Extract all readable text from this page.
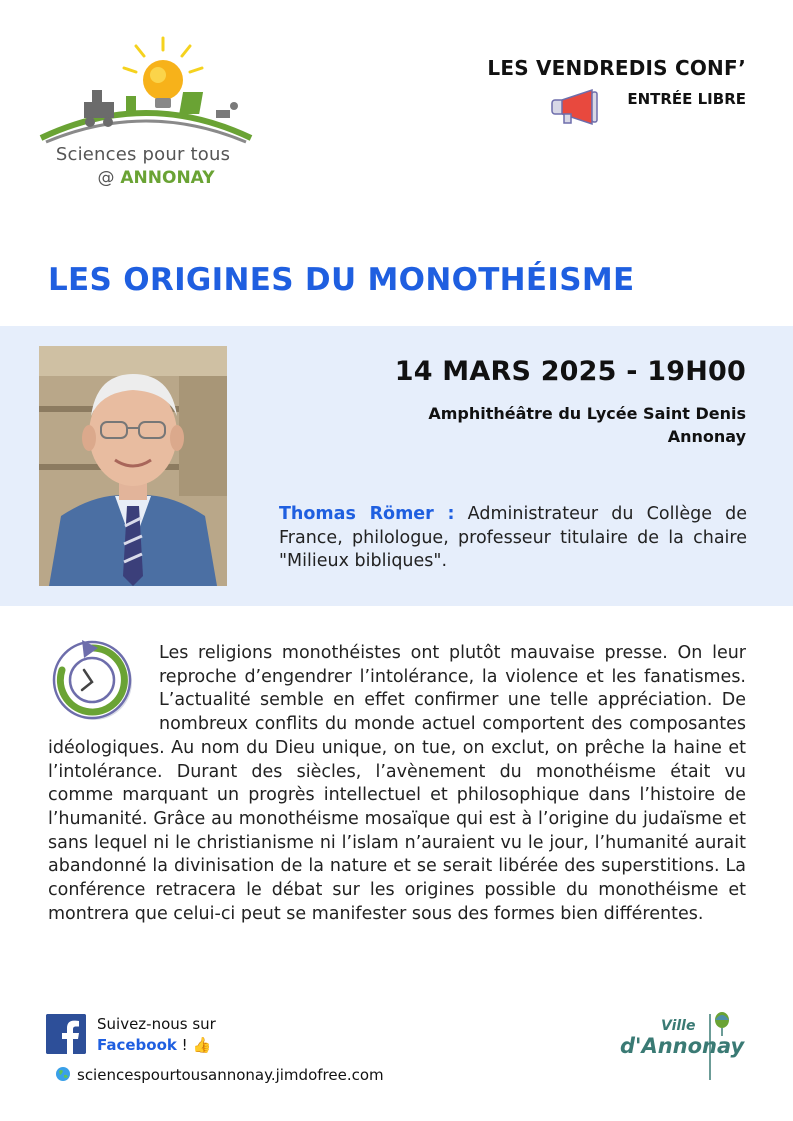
Sciences pour tous
@ ANNONAY
LES VENDREDIS CONF’
ENTRÉE LIBRE
LES ORIGINES DU MONOTHÉISME
14 MARS 2025 - 19H00
Amphithéâtre du Lycée Saint Denis
Annonay
Thomas Römer : Administrateur du Collège de France, philologue, professeur titulaire de la chaire "Milieux bibliques".
Les religions monothéistes ont plutôt mauvaise presse. On leur reproche d’engendrer l’intolérance, la violence et les fanatismes. L’actualité semble en effet confirmer une telle appréciation. De nombreux conflits du monde actuel comportent des composantes idéologiques. Au nom du Dieu unique, on tue, on exclut, on prêche la haine et l’intolérance. Durant des siècles, l’avènement du monothéisme était vu comme marquant un progrès intellectuel et philosophique dans l’histoire de l’humanité. Grâce au monothéisme mosaïque qui est à l’origine du judaïsme et sans lequel ni le christianisme ni l’islam n’auraient vu le jour, l’humanité aurait abandonné la divinisation de la nature et se serait libérée des superstitions. La conférence retracera le débat sur les origines possible du monothéisme et montrera que celui-ci peut se manifester sous des formes bien différentes.
Suivez-nous sur
Facebook ! 👍
sciencespourtousannonay.jimdofree.com
Ville
d'Annonay
